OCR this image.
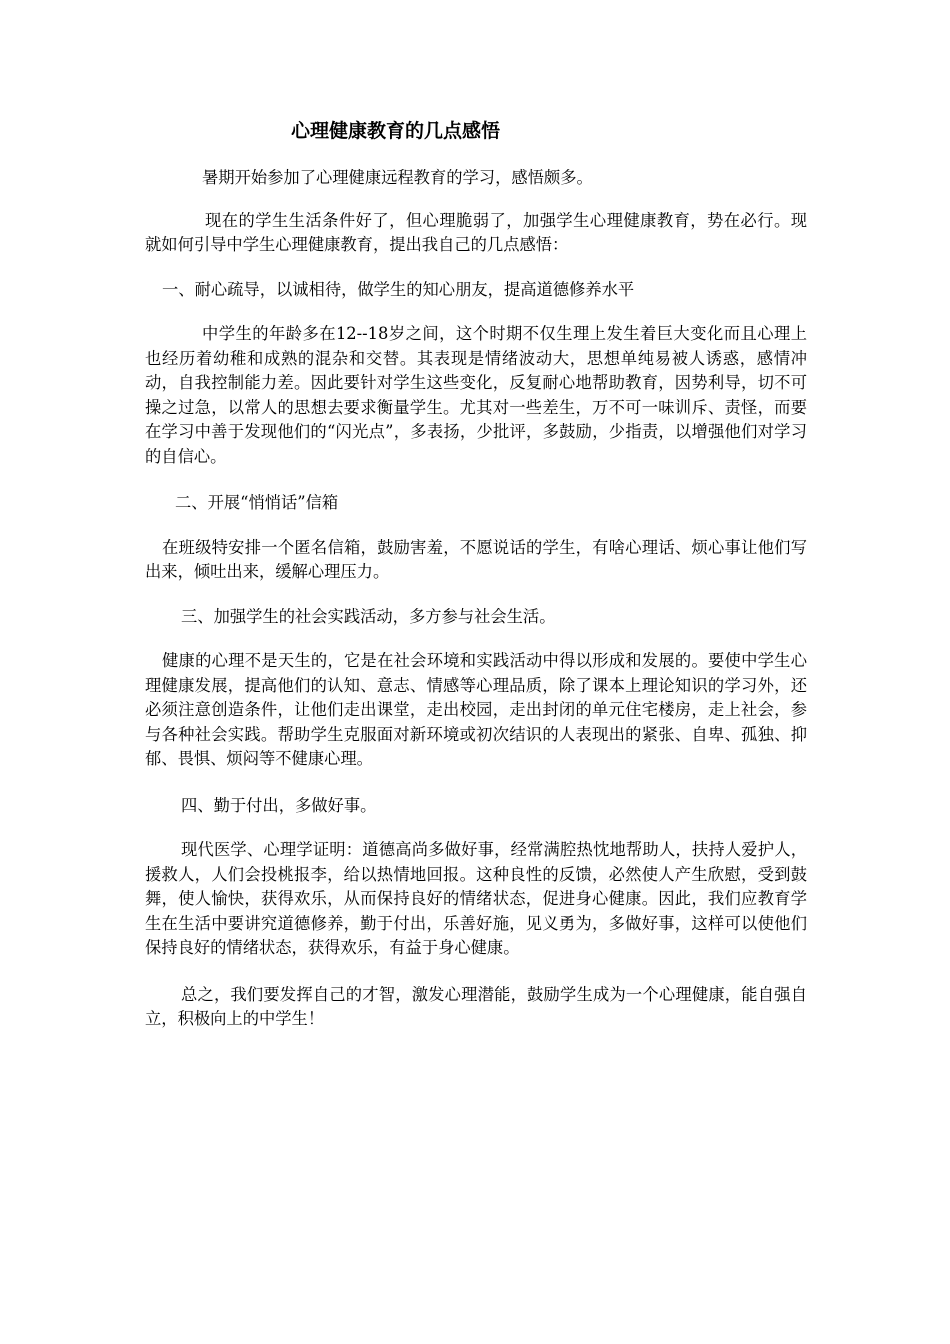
心理健康教育的几点感悟

暑期开始参加了心理健康远程教育的学习，感悟颇多。

现在的学生生活条件好了，但心理脆弱了，加强学生心理健康教育，势在必行。现就如何引导中学生心理健康教育，提出我自己的几点感悟：

一、耐心疏导，以诚相待，做学生的知心朋友，提高道德修养水平

中学生的年龄多在12--18岁之间，这个时期不仅生理上发生着巨大变化而且心理上也经历着幼稚和成熟的混杂和交替。其表现是情绪波动大，思想单纯易被人诱惑，感情冲动，自我控制能力差。因此要针对学生这些变化，反复耐心地帮助教育，因势利导，切不可操之过急，以常人的思想去要求衡量学生。尤其对一些差生，万不可一味训斥、责怪，而要在学习中善于发现他们的“闪光点”，多表扬，少批评，多鼓励，少指责，以增强他们对学习的自信心。

二、开展“悄悄话”信箱

在班级特安排一个匿名信箱，鼓励害羞，不愿说话的学生，有啥心理话、烦心事让他们写出来，倾吐出来，缓解心理压力。

三、加强学生的社会实践活动，多方参与社会生活。

健康的心理不是天生的，它是在社会环境和实践活动中得以形成和发展的。要使中学生心理健康发展，提高他们的认知、意志、情感等心理品质，除了课本上理论知识的学习外，还必须注意创造条件，让他们走出课堂，走出校园，走出封闭的单元住宅楼房，走上社会，参与各种社会实践。帮助学生克服面对新环境或初次结识的人表现出的紧张、自卑、孤独、抑郁、畏惧、烦闷等不健康心理。

四、勤于付出，多做好事。

现代医学、心理学证明：道德高尚多做好事，经常满腔热忱地帮助人，扶持人爱护人，援救人，人们会投桃报李，给以热情地回报。这种良性的反馈，必然使人产生欣慰，受到鼓舞，使人愉快，获得欢乐，从而保持良好的情绪状态，促进身心健康。因此，我们应教育学生在生活中要讲究道德修养，勤于付出，乐善好施，见义勇为，多做好事，这样可以使他们保持良好的情绪状态，获得欢乐，有益于身心健康。

总之，我们要发挥自己的才智，激发心理潜能，鼓励学生成为一个心理健康，能自强自立，积极向上的中学生！
